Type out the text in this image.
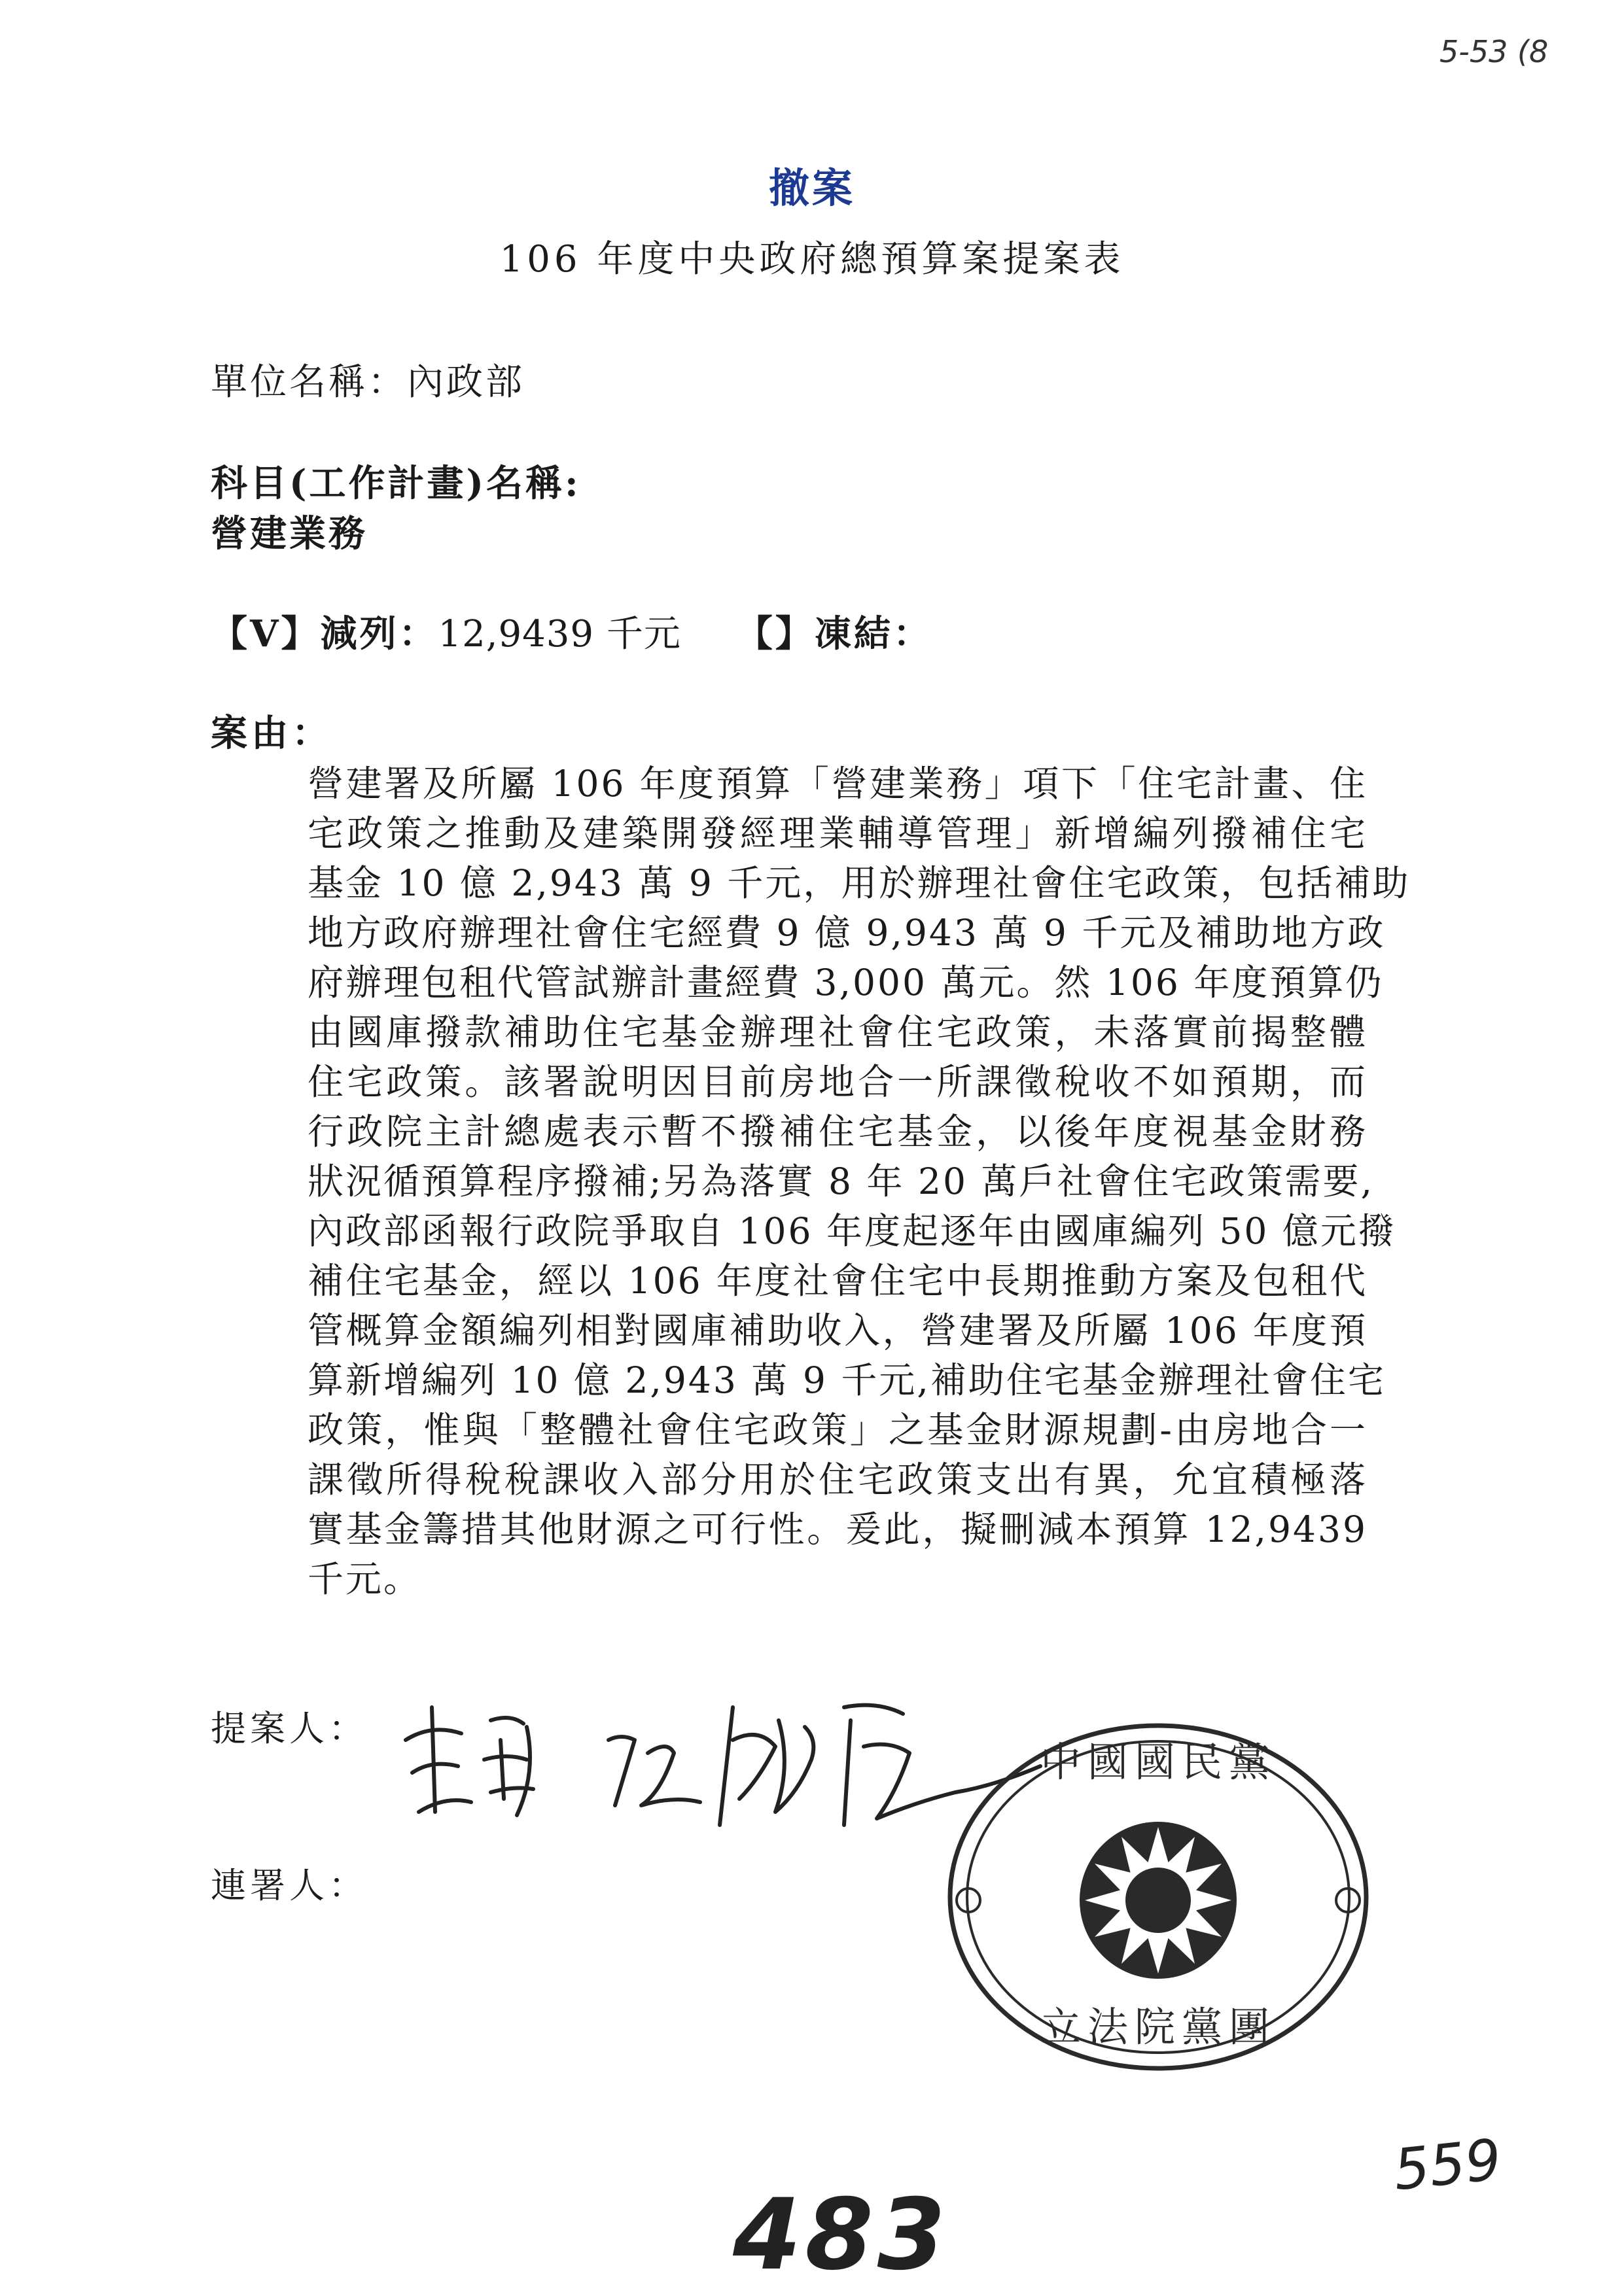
5-53 (8
撤案
106 年度中央政府總預算案提案表
單位名稱：內政部
科目(工作計畫)名稱:
營建業務
【V】減列：12,9439 千元 【】凍結：
案由：
營建署及所屬 106 年度預算「營建業務」項下「住宅計畫、住
宅政策之推動及建築開發經理業輔導管理」新增編列撥補住宅
基金 10 億 2,943 萬 9 千元，用於辦理社會住宅政策，包括補助
地方政府辦理社會住宅經費 9 億 9,943 萬 9 千元及補助地方政
府辦理包租代管試辦計畫經費 3,000 萬元。然 106 年度預算仍
由國庫撥款補助住宅基金辦理社會住宅政策，未落實前揭整體
住宅政策。該署說明因目前房地合一所課徵稅收不如預期，而
行政院主計總處表示暫不撥補住宅基金，以後年度視基金財務
狀況循預算程序撥補;另為落實 8 年 20 萬戶社會住宅政策需要,
內政部函報行政院爭取自 106 年度起逐年由國庫編列 50 億元撥
補住宅基金，經以 106 年度社會住宅中長期推動方案及包租代
管概算金額編列相對國庫補助收入，營建署及所屬 106 年度預
算新增編列 10 億 2,943 萬 9 千元,補助住宅基金辦理社會住宅
政策，惟與「整體社會住宅政策」之基金財源規劃-由房地合一
課徵所得稅稅課收入部分用於住宅政策支出有異，允宜積極落
實基金籌措其他財源之可行性。爰此，擬刪減本預算 12,9439
千元。
提案人：
連署人：
中國國民黨
立法院黨團
559
483
